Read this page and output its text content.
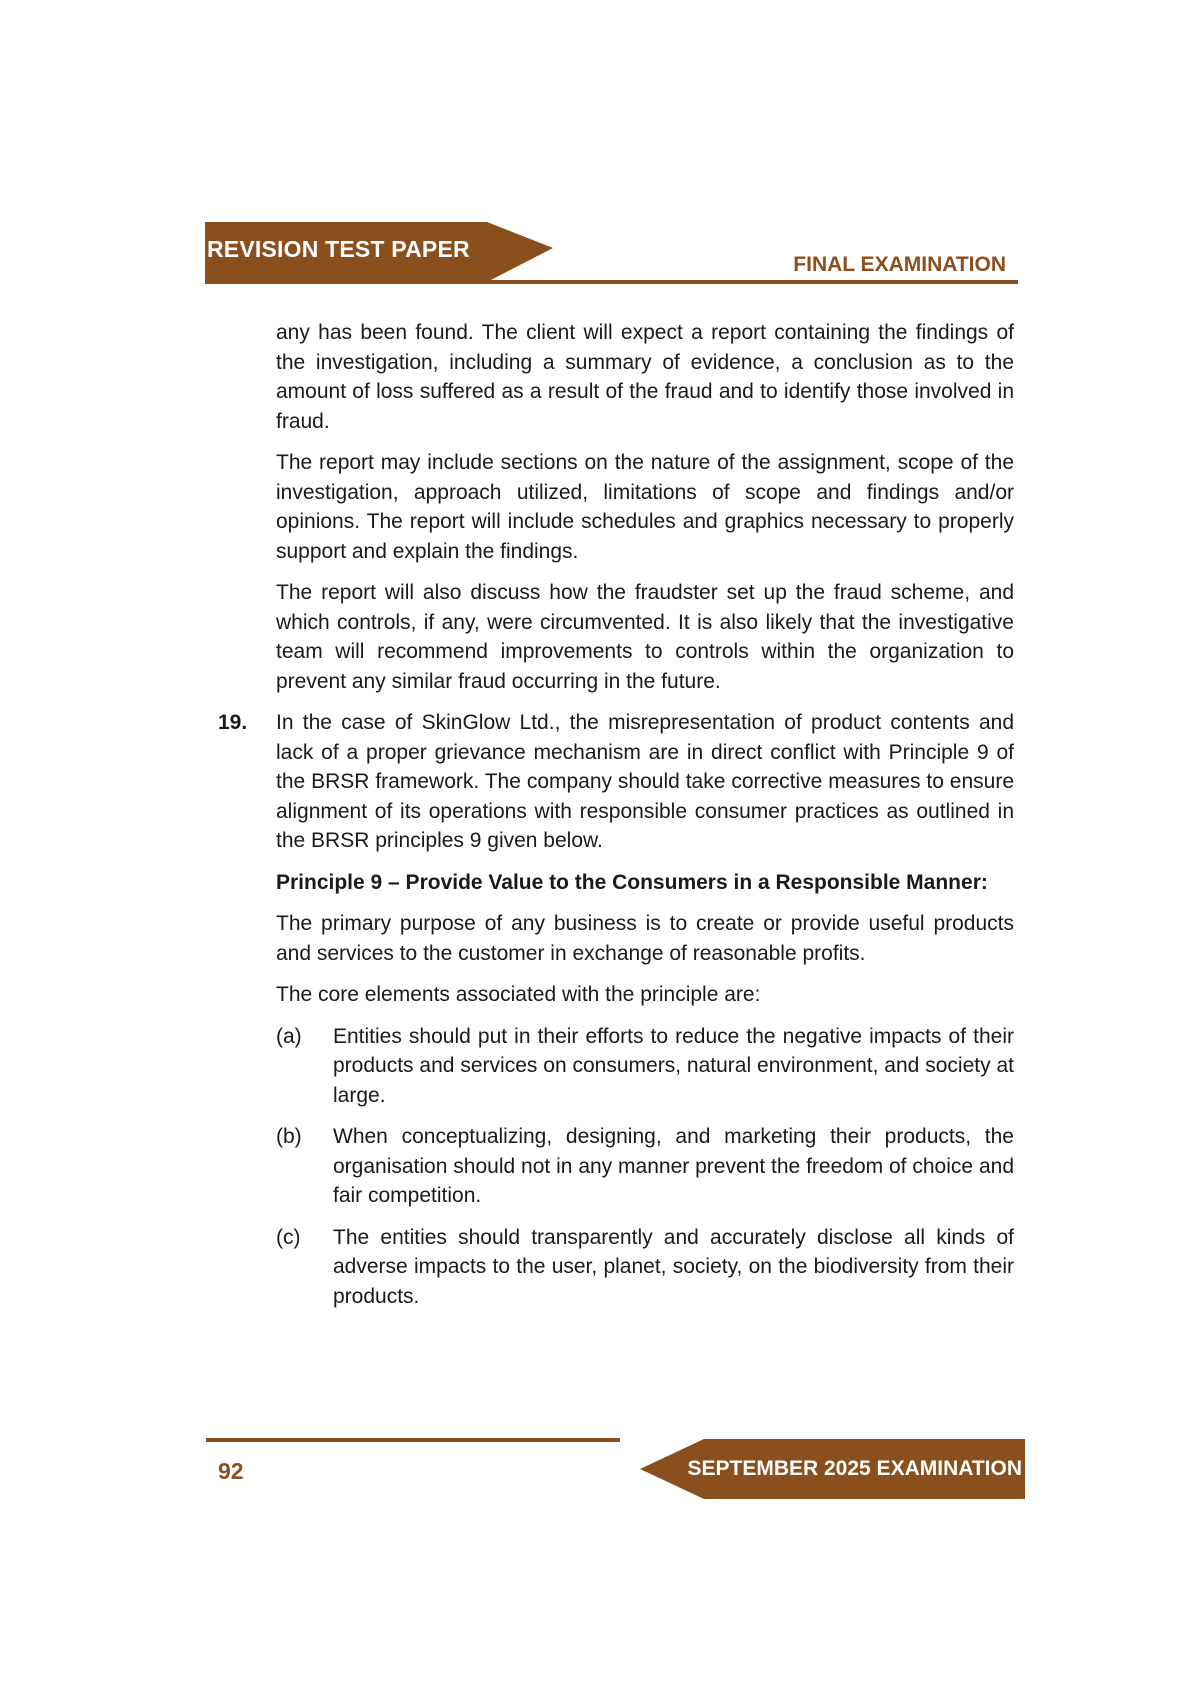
REVISION TEST PAPER
FINAL EXAMINATION

any has been found. The client will expect a report containing the findings of the investigation, including a summary of evidence, a conclusion as to the amount of loss suffered as a result of the fraud and to identify those involved in fraud.

The report may include sections on the nature of the assignment, scope of the investigation, approach utilized, limitations of scope and findings and/or opinions. The report will include schedules and graphics necessary to properly support and explain the findings.

The report will also discuss how the fraudster set up the fraud scheme, and which controls, if any, were circumvented. It is also likely that the investigative team will recommend improvements to controls within the organization to prevent any similar fraud occurring in the future.

19. In the case of SkinGlow Ltd., the misrepresentation of product contents and lack of a proper grievance mechanism are in direct conflict with Principle 9 of the BRSR framework. The company should take corrective measures to ensure alignment of its operations with responsible consumer practices as outlined in the BRSR principles 9 given below.

Principle 9 – Provide Value to the Consumers in a Responsible Manner:

The primary purpose of any business is to create or provide useful products and services to the customer in exchange of reasonable profits.

The core elements associated with the principle are:

(a) Entities should put in their efforts to reduce the negative impacts of their products and services on consumers, natural environment, and society at large.

(b) When conceptualizing, designing, and marketing their products, the organisation should not in any manner prevent the freedom of choice and fair competition.

(c) The entities should transparently and accurately disclose all kinds of adverse impacts to the user, planet, society, on the biodiversity from their products.

92	SEPTEMBER 2025 EXAMINATION
